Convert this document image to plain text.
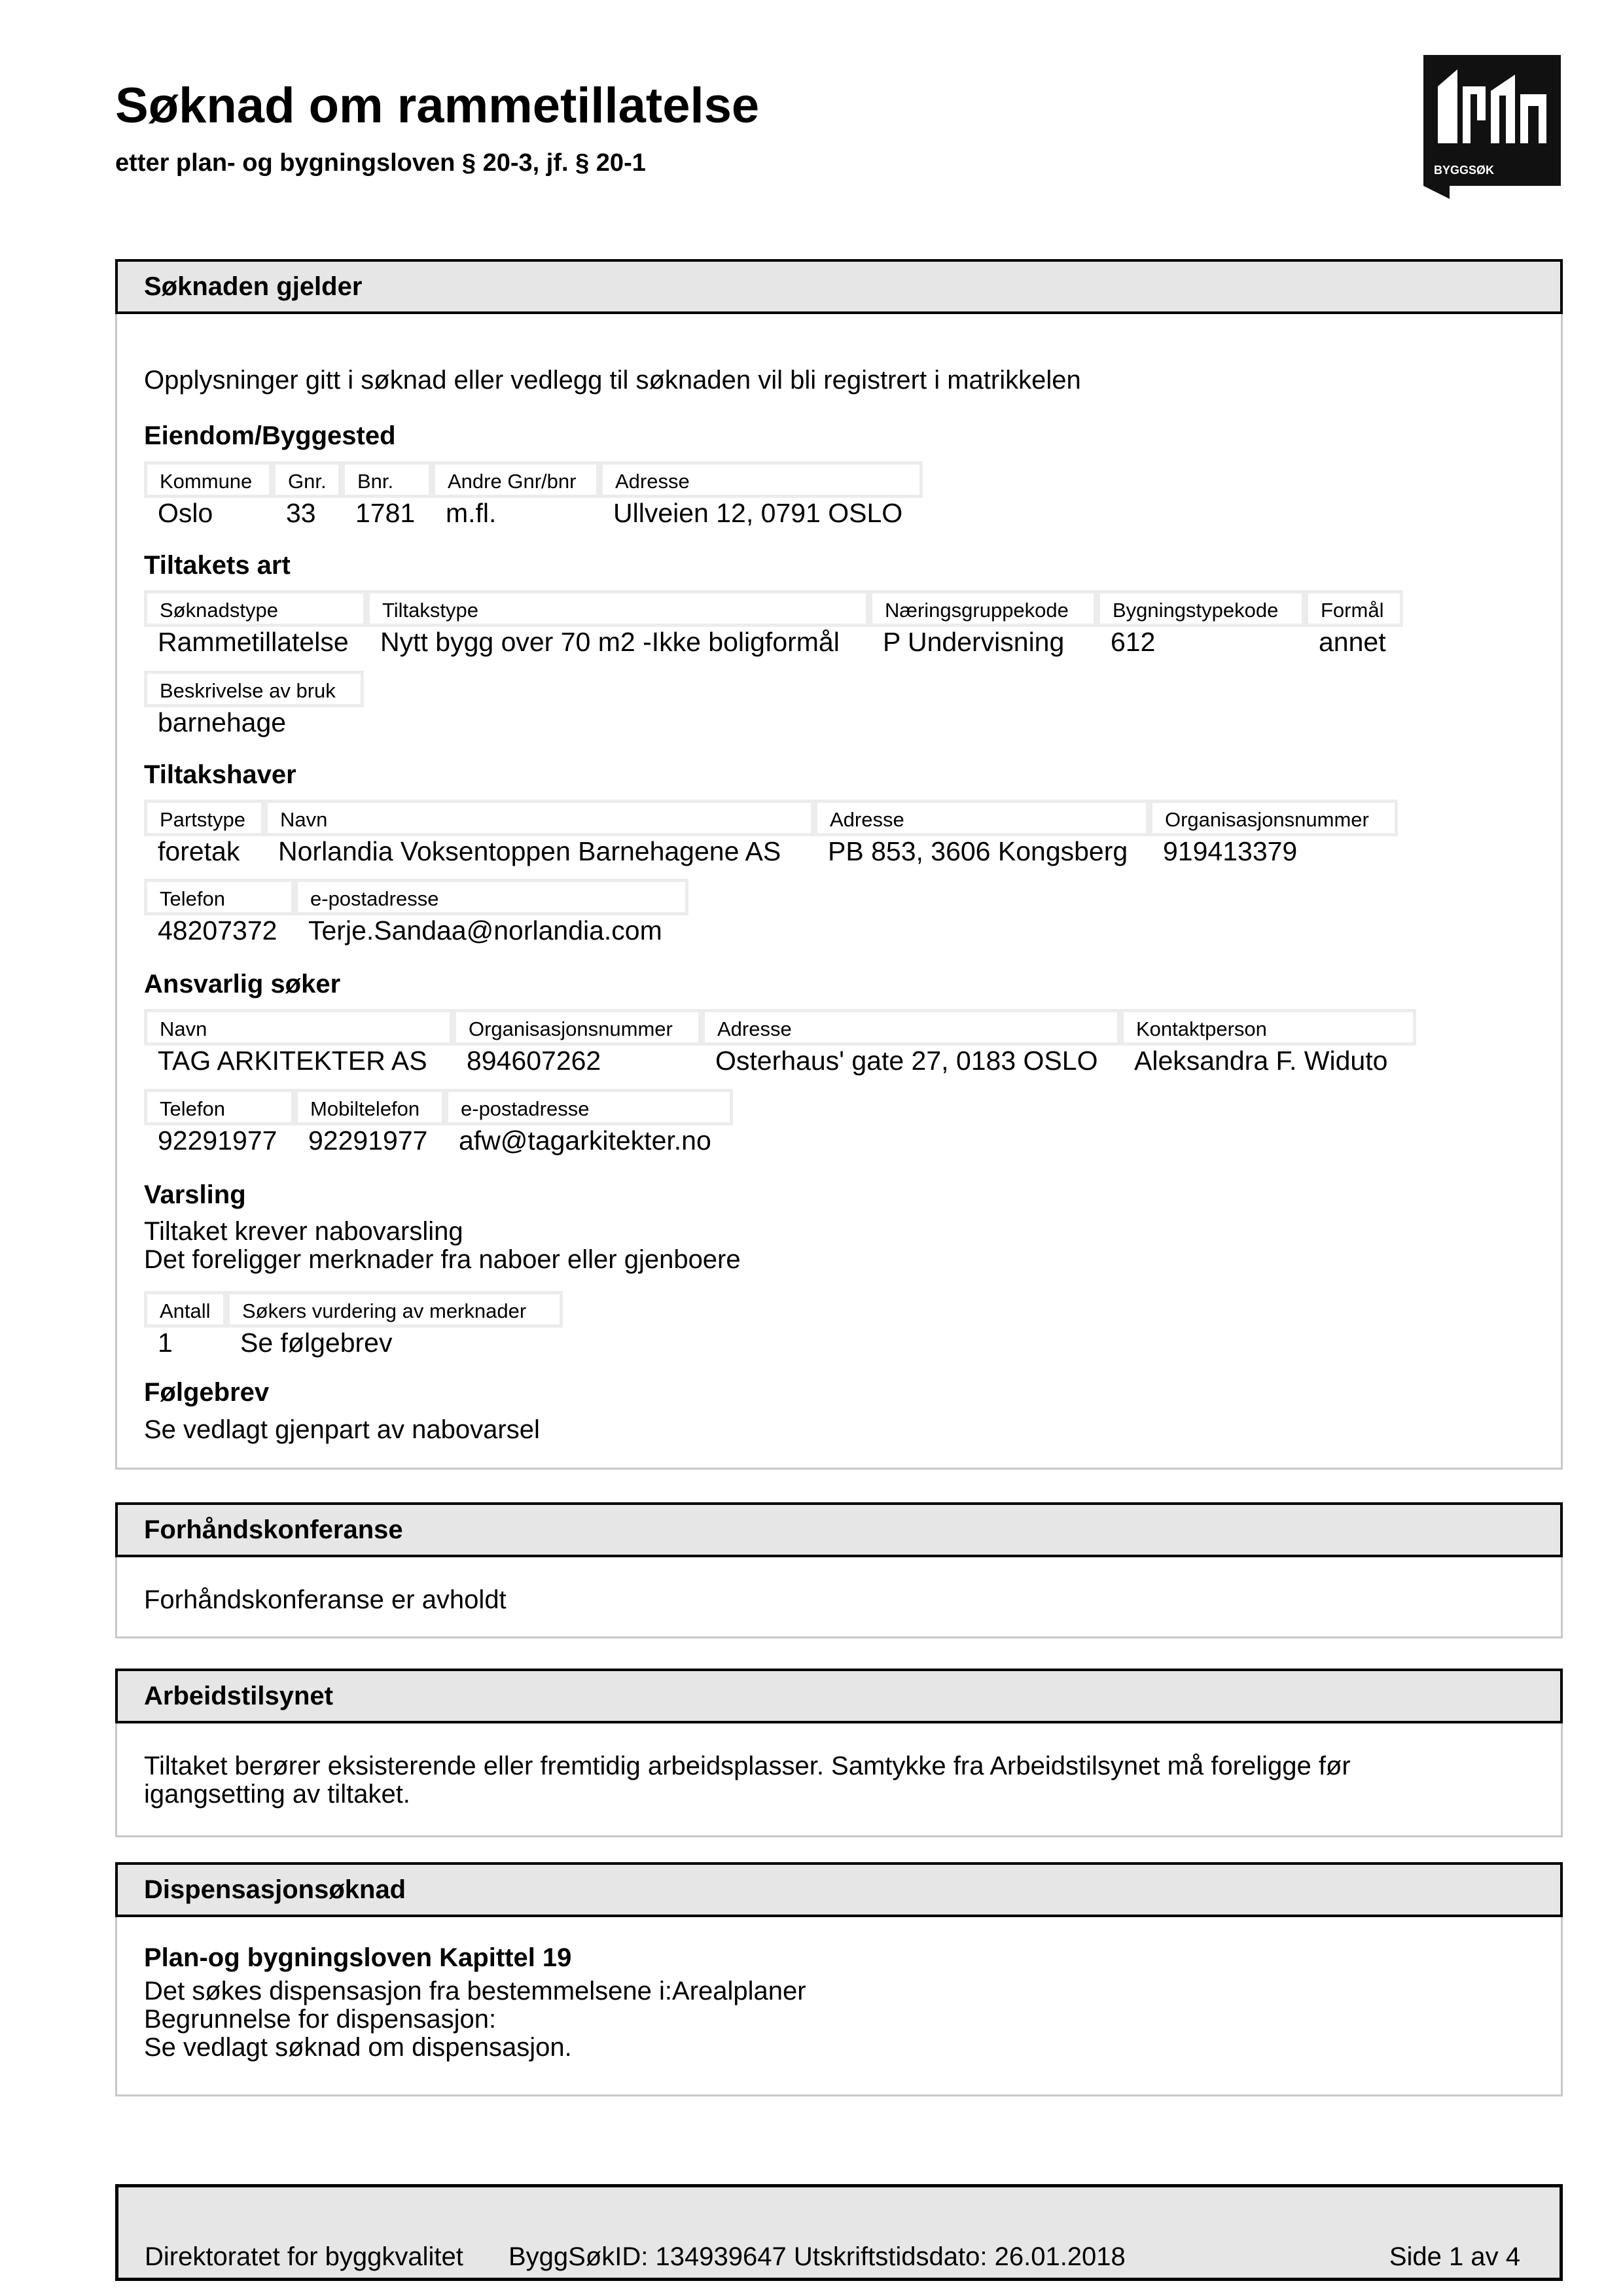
Søknad om rammetillatelse
etter plan- og bygningsloven § 20-3, jf. § 20-1	BYGGSØK
Søknaden gjelder
Opplysninger gitt i søknad eller vedlegg til søknaden vil bli registrert i matrikkelen
Eiendom/Byggested
Kommune
Oslo
Gnr.
33
Bnr.
1781
Andre Gnr/bnr
m.fl.
Adresse
Ullveien 12, 0791 OSLO
Tiltakets art
Søknadstype
Rammetillatelse
Tiltakstype
Nytt bygg over 70 m2 -Ikke boligformål
Næringsgruppekode
P Undervisning
Bygningstypekode
612
Formål
annet
Beskrivelse av bruk
barnehage
Tiltakshaver
Partstype
foretak
Navn
Norlandia Voksentoppen Barnehagene AS
Adresse
PB 853, 3606 Kongsberg
Organisasjonsnummer
919413379
Telefon
48207372
e-postadresse
Terje.Sandaa@norlandia.com
Ansvarlig søker
Navn
TAG ARKITEKTER AS
Organisasjonsnummer
894607262
Adresse
Osterhaus' gate 27, 0183 OSLO
Kontaktperson
Aleksandra F. Widuto
Telefon
92291977
Mobiltelefon
92291977
e-postadresse
afw@tagarkitekter.no
Varsling
Tiltaket krever nabovarsling
Det foreligger merknader fra naboer eller gjenboere
Antall
1
Søkers vurdering av merknader
Se følgebrev
Følgebrev
Se vedlagt gjenpart av nabovarsel
Forhåndskonferanse
Forhåndskonferanse er avholdt
Arbeidstilsynet
Tiltaket berører eksisterende eller fremtidig arbeidsplasser. Samtykke fra Arbeidstilsynet må foreligge før
igangsetting av tiltaket.
Dispensasjonsøknad
Plan-og bygningsloven Kapittel 19
Det søkes dispensasjon fra bestemmelsene i:Arealplaner
Begrunnelse for dispensasjon:
Se vedlagt søknad om dispensasjon.
Direktoratet for byggkvalitet ByggSøkID: 134939647 Utskriftstidsdato: 26.01.2018	Side 1 av 4
